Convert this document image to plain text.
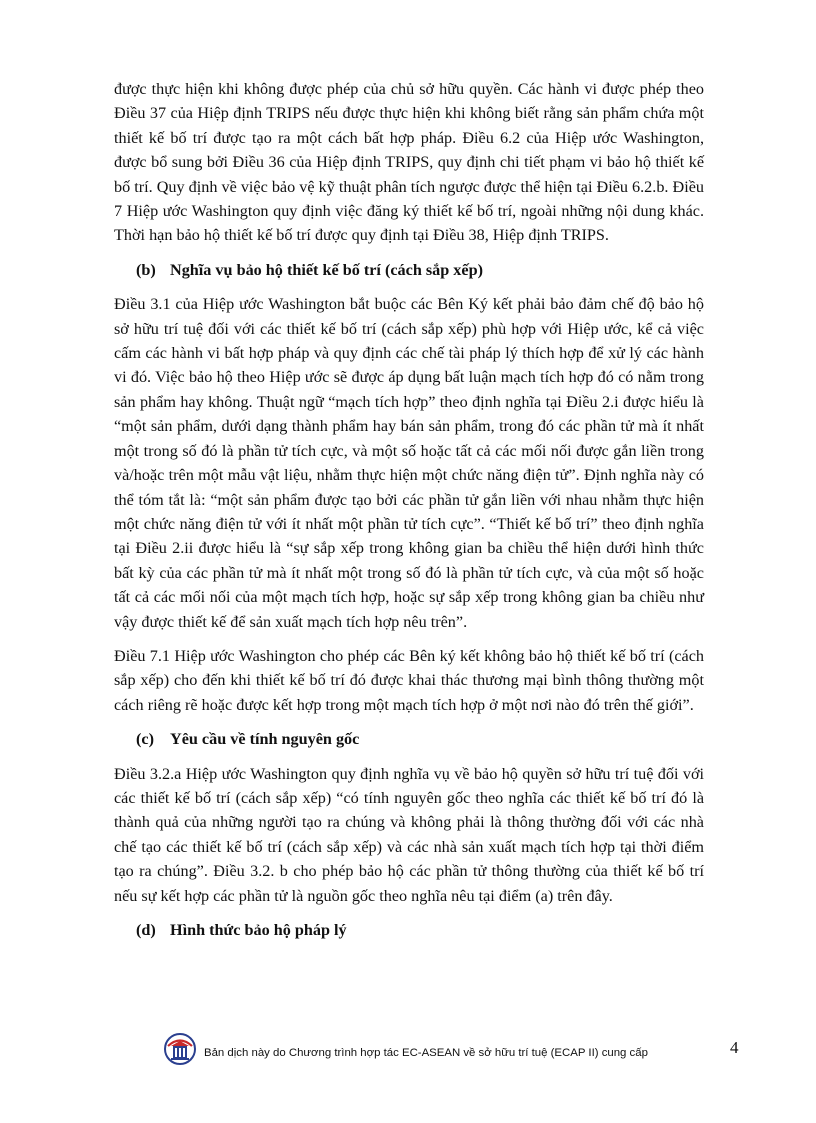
được thực hiện khi không được phép của chủ sở hữu quyền. Các hành vi được phép theo Điều 37 của Hiệp định TRIPS nếu được thực hiện khi không biết rằng sản phẩm chứa một thiết kế bố trí được tạo ra một cách bất hợp pháp. Điều 6.2 của Hiệp ước Washington, được bổ sung bởi Điều 36 của Hiệp định TRIPS, quy định chi tiết phạm vi bảo hộ thiết kế bố trí. Quy định về việc bảo vệ kỹ thuật phân tích ngược được thể hiện tại Điều 6.2.b. Điều 7 Hiệp ước Washington quy định việc đăng ký thiết kế bố trí, ngoài những nội dung khác. Thời hạn bảo hộ thiết kế bố trí được quy định tại Điều 38, Hiệp định TRIPS.

(b) Nghĩa vụ bảo hộ thiết kế bố trí (cách sắp xếp)

Điều 3.1 của Hiệp ước Washington bắt buộc các Bên Ký kết phải bảo đảm chế độ bảo hộ sở hữu trí tuệ đối với các thiết kế bố trí (cách sắp xếp) phù hợp với Hiệp ước, kể cả việc cấm các hành vi bất hợp pháp và quy định các chế tài pháp lý thích hợp để xử lý các hành vi đó. Việc bảo hộ theo Hiệp ước sẽ được áp dụng bất luận mạch tích hợp đó có nằm trong sản phẩm hay không. Thuật ngữ “mạch tích hợp” theo định nghĩa tại Điều 2.i được hiểu là “một sản phẩm, dưới dạng thành phẩm hay bán sản phẩm, trong đó các phần tử mà ít nhất một trong số đó là phần tử tích cực, và một số hoặc tất cả các mối nối được gắn liền trong và/hoặc trên một mẫu vật liệu, nhằm thực hiện một chức năng điện tử”. Định nghĩa này có thể tóm tắt là: “một sản phẩm được tạo bởi các phần tử gắn liền với nhau nhằm thực hiện một chức năng điện tử với ít nhất một phần tử tích cực”. “Thiết kế bố trí” theo định nghĩa tại Điều 2.ii được hiểu là “sự sắp xếp trong không gian ba chiều thể hiện dưới hình thức bất kỳ của các phần tử mà ít nhất một trong số đó là phần tử tích cực, và của một số hoặc tất cả các mối nối của một mạch tích hợp, hoặc sự sắp xếp trong không gian ba chiều như vậy được thiết kế để sản xuất mạch tích hợp nêu trên”.

Điều 7.1 Hiệp ước Washington cho phép các Bên ký kết không bảo hộ thiết kế bố trí (cách sắp xếp) cho đến khi thiết kế bố trí đó được khai thác thương mại bình thông thường một cách riêng rẽ hoặc được kết hợp trong một mạch tích hợp ở một nơi nào đó trên thế giới”.

(c) Yêu cầu về tính nguyên gốc

Điều 3.2.a Hiệp ước Washington quy định nghĩa vụ về bảo hộ quyền sở hữu trí tuệ đối với các thiết kế bố trí (cách sắp xếp) “có tính nguyên gốc theo nghĩa các thiết kế bố trí đó là thành quả của những người tạo ra chúng và không phải là thông thường đối với các nhà chế tạo các thiết kế bố trí (cách sắp xếp) và các nhà sản xuất mạch tích hợp tại thời điểm tạo ra chúng”. Điều 3.2. b cho phép bảo hộ các phần tử thông thường của thiết kế bố trí nếu sự kết hợp các phần tử là nguồn gốc theo nghĩa nêu tại điểm (a) trên đây.

(d) Hình thức bảo hộ pháp lý
Bản dịch này do Chương trình hợp tác EC-ASEAN về sở hữu trí tuệ (ECAP II) cung cấp	4
